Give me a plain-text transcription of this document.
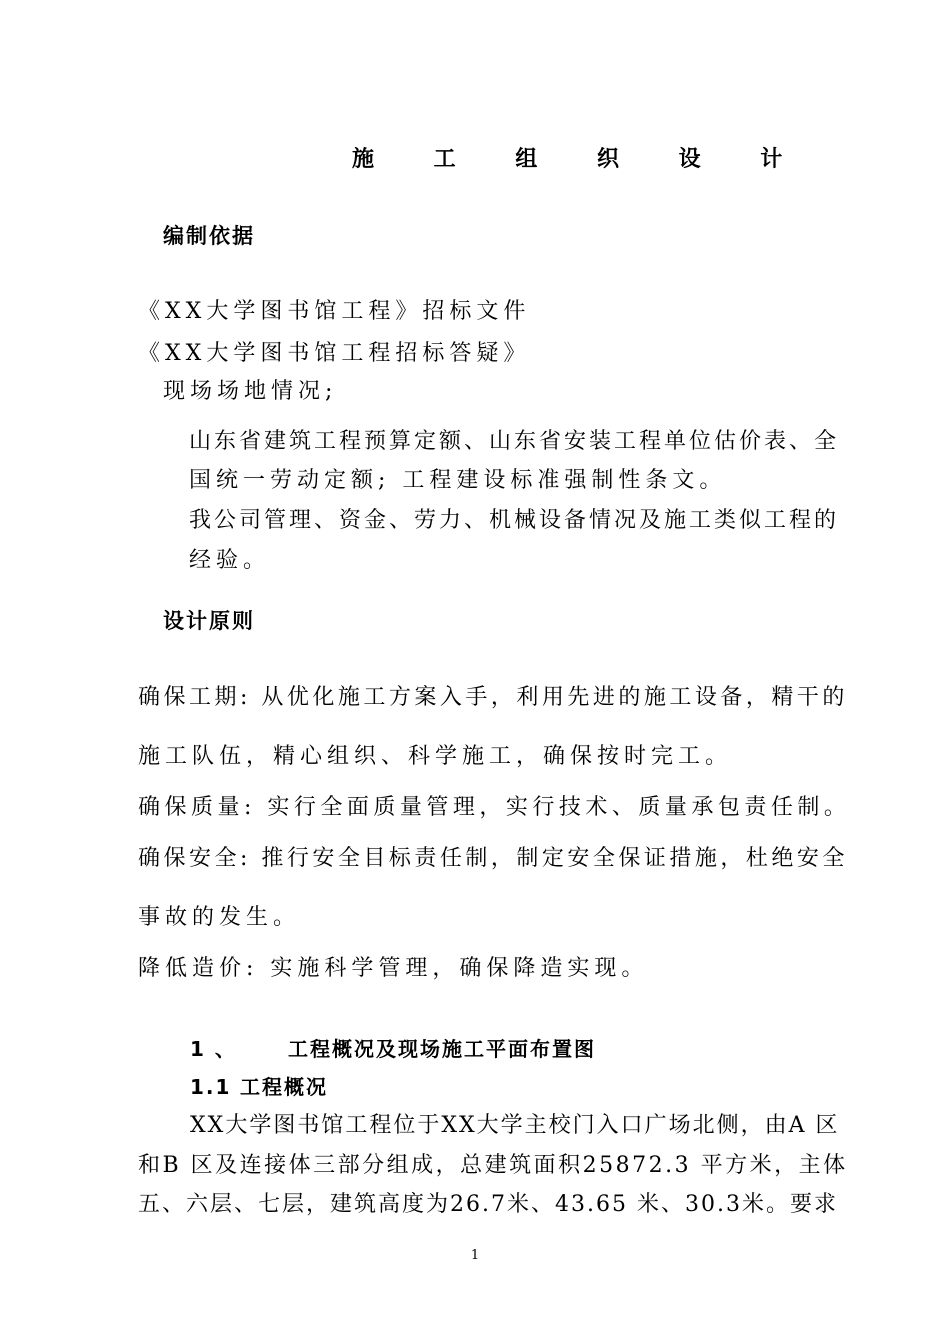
施 工 组 织 设 计
编制依据
《XX大学图书馆工程》招标文件
《XX大学图书馆工程招标答疑》
现场场地情况;
山东省建筑工程预算定额、山东省安装工程单位估价表、全
国统一劳动定额; 工程建设标准强制性条文。
我公司管理、资金、劳力、机械设备情况及施工类似工程的
经验。
设计原则
确保工期: 从优化施工方案入手，利用先进的施工设备，精干的
施工队伍，精心组织、科学施工，确保按时完工。
确保质量: 实行全面质量管理，实行技术、质量承包责任制。
确保安全: 推行安全目标责任制，制定安全保证措施，杜绝安全
事故的发生。
降低造价: 实施科学管理，确保降造实现。
1 、	工程概况及现场施工平面布置图
1.1 工程概况
XX大学图书馆工程位于XX大学主校门入口广场北侧，由A 区
和B 区及连接体三部分组成，总建筑面积25872.3 平方米，主体
五、六层、七层，建筑高度为26.7米、43.65 米、30.3米。要求
1
